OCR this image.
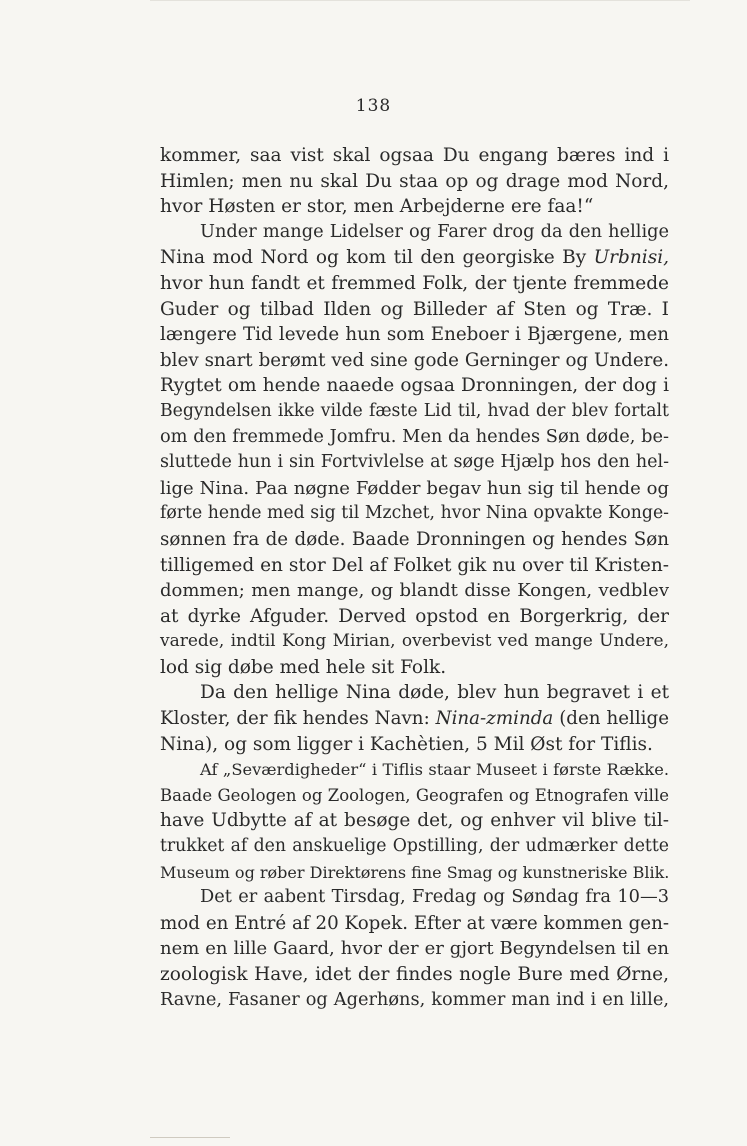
138
kommer, saa vist skal ogsaa Du engang bæres ind i
Himlen; men nu skal Du staa op og drage mod Nord,
hvor Høsten er stor, men Arbejderne ere faa!“
Under mange Lidelser og Farer drog da den hellige
Nina mod Nord og kom til den georgiske By Urbnisi,
hvor hun fandt et fremmed Folk, der tjente fremmede
Guder og tilbad Ilden og Billeder af Sten og Træ. I
længere Tid levede hun som Eneboer i Bjærgene, men
blev snart berømt ved sine gode Gerninger og Undere.
Rygtet om hende naaede ogsaa Dronningen, der dog i
Begyndelsen ikke vilde fæste Lid til, hvad der blev fortalt
om den fremmede Jomfru. Men da hendes Søn døde, be-
sluttede hun i sin Fortvivlelse at søge Hjælp hos den hel-
lige Nina. Paa nøgne Fødder begav hun sig til hende og
førte hende med sig til Mzchet, hvor Nina opvakte Konge-
sønnen fra de døde. Baade Dronningen og hendes Søn
tilligemed en stor Del af Folket gik nu over til Kristen-
dommen; men mange, og blandt disse Kongen, vedblev
at dyrke Afguder. Derved opstod en Borgerkrig, der
varede, indtil Kong Mirian, overbevist ved mange Undere,
lod sig døbe med hele sit Folk.
Da den hellige Nina døde, blev hun begravet i et
Kloster, der fik hendes Navn: Nina-zminda (den hellige
Nina), og som ligger i Kachètien, 5 Mil Øst for Tiflis.
Af „Seværdigheder“ i Tiflis staar Museet i første Række.
Baade Geologen og Zoologen, Geografen og Etnografen ville
have Udbytte af at besøge det, og enhver vil blive til-
trukket af den anskuelige Opstilling, der udmærker dette
Museum og røber Direktørens fine Smag og kunstneriske Blik.
Det er aabent Tirsdag, Fredag og Søndag fra 10—3
mod en Entré af 20 Kopek. Efter at være kommen gen-
nem en lille Gaard, hvor der er gjort Begyndelsen til en
zoologisk Have, idet der findes nogle Bure med Ørne,
Ravne, Fasaner og Agerhøns, kommer man ind i en lille,
